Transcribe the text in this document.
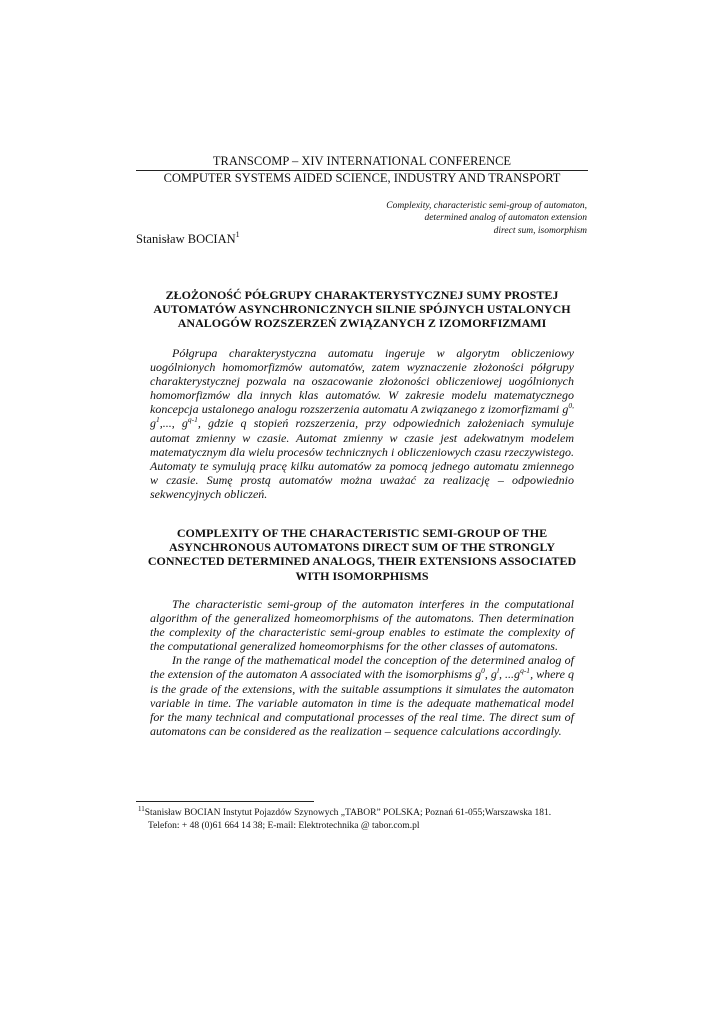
TRANSCOMP – XIV INTERNATIONAL CONFERENCE
COMPUTER SYSTEMS AIDED SCIENCE, INDUSTRY AND TRANSPORT
Complexity, characteristic semi-group of automaton,
determined analog of automaton extension
direct sum, isomorphism
Stanisław BOCIAN$^1$
ZŁOŻONOŚĆ PÓŁGRUPY CHARAKTERYSTYCZNEJ SUMY PROSTEJ
AUTOMATÓW ASYNCHRONICZNYCH SILNIE SPÓJNYCH USTALONYCH
ANALOGÓW ROZSZERZEŃ ZWIĄZANYCH Z IZOMORFIZMAMI

Półgrupa charakterystyczna automatu ingeruje w algorytm obliczeniowy uogólnionych homomorfizmów automatów, zatem wyznaczenie złożoności półgrupy charakterystycznej pozwala na oszacowanie złożoności obliczeniowej uogólnionych homomorfizmów dla innych klas automatów. W zakresie modelu matematycznego koncepcja ustalonego analogu rozszerzenia automatu A związanego z izomorfizmami $g^{0,}$ $g^1$,..., $g^{q-1}$, gdzie q stopień rozszerzenia, przy odpowiednich założeniach symuluje automat zmienny w czasie. Automat zmienny w czasie jest adekwatnym modelem matematycznym dla wielu procesów technicznych i obliczeniowych czasu rzeczywistego. Automaty te symulują pracę kilku automatów za pomocą jednego automatu zmiennego w czasie. Sumę prostą automatów można uważać za realizację – odpowiednio sekwencyjnych obliczeń.

COMPLEXITY OF THE CHARACTERISTIC SEMI-GROUP OF THE
ASYNCHRONOUS AUTOMATONS DIRECT SUM OF THE STRONGLY
CONNECTED DETERMINED ANALOGS, THEIR EXTENSIONS ASSOCIATED
WITH ISOMORPHISMS

The characteristic semi-group of the automaton interferes in the computational algorithm of the generalized homeomorphisms of the automatons. Then determination the complexity of the characteristic semi-group enables to estimate the complexity of the computational generalized homeomorphisms for the other classes of automatons.

In the range of the mathematical model the conception of the determined analog of the extension of the automaton A associated with the isomorphisms $g^0$, $g^l$, $...g^{q-1}$, where q is the grade of the extensions, with the suitable assumptions it simulates the automaton variable in time. The variable automaton in time is the adequate mathematical model for the many technical and computational processes of the real time. The direct sum of automatons can be considered as the realization – sequence calculations accordingly.

$^{11}$Stanisław BOCIAN Instytut Pojazdów Szynowych „TABOR” POLSKA; Poznań 61-055;Warszawska 181.
Telefon: + 48 (0)61 664 14 38; E-mail: Elektrotechnika @ tabor.com.pl
